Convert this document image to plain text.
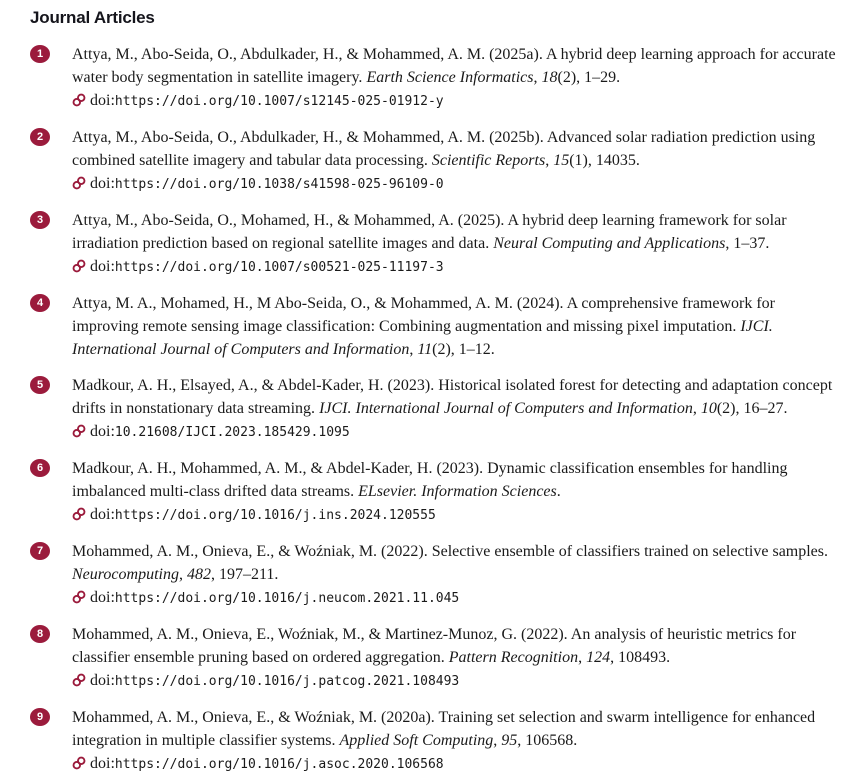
Journal Articles
1	Attya, M., Abo-Seida, O., Abdulkader, H., & Mohammed, A. M. (2025a). A hybrid deep learning approach for accurate water body segmentation in satellite imagery. Earth Science Informatics, 18(2), 1–29. doi:https://doi.org/10.1007/s12145-025-01912-y

2	Attya, M., Abo-Seida, O., Abdulkader, H., & Mohammed, A. M. (2025b). Advanced solar radiation prediction using combined satellite imagery and tabular data processing. Scientific Reports, 15(1), 14035.
doi:https://doi.org/10.1038/s41598-025-96109-0

3	Attya, M., Abo-Seida, O., Mohamed, H., & Mohammed, A. (2025). A hybrid deep learning framework for solar irradiation prediction based on regional satellite images and data. Neural Computing and Applications, 1–37. doi:https://doi.org/10.1007/s00521-025-11197-3

4	Attya, M. A., Mohamed, H., M Abo-Seida, O., & Mohammed, A. M. (2024). A comprehensive framework for improving remote sensing image classification: Combining augmentation and missing pixel imputation. IJCI. International Journal of Computers and Information, 11(2), 1–12.

5	Madkour, A. H., Elsayed, A., & Abdel-Kader, H. (2023). Historical isolated forest for detecting and adaptation concept drifts in nonstationary data streaming. IJCI. International Journal of Computers and Information, 10(2), 16–27. doi:10.21608/IJCI.2023.185429.1095

6	Madkour, A. H., Mohammed, A. M., & Abdel-Kader, H. (2023). Dynamic classification ensembles for handling imbalanced multi-class drifted data streams. ELsevier. Information Sciences.
doi:https://doi.org/10.1016/j.ins.2024.120555

7	Mohammed, A. M., Onieva, E., & Woźniak, M. (2022). Selective ensemble of classifiers trained on selective samples. Neurocomputing, 482, 197–211.
doi:https://doi.org/10.1016/j.neucom.2021.11.045

8	Mohammed, A. M., Onieva, E., Woźniak, M., & Martinez-Munoz, G. (2022). An analysis of heuristic metrics for classifier ensemble pruning based on ordered aggregation. Pattern Recognition, 124, 108493.
doi:https://doi.org/10.1016/j.patcog.2021.108493

9	Mohammed, A. M., Onieva, E., & Woźniak, M. (2020a). Training set selection and swarm intelligence for enhanced integration in multiple classifier systems. Applied Soft Computing, 95, 106568.
doi:https://doi.org/10.1016/j.asoc.2020.106568
